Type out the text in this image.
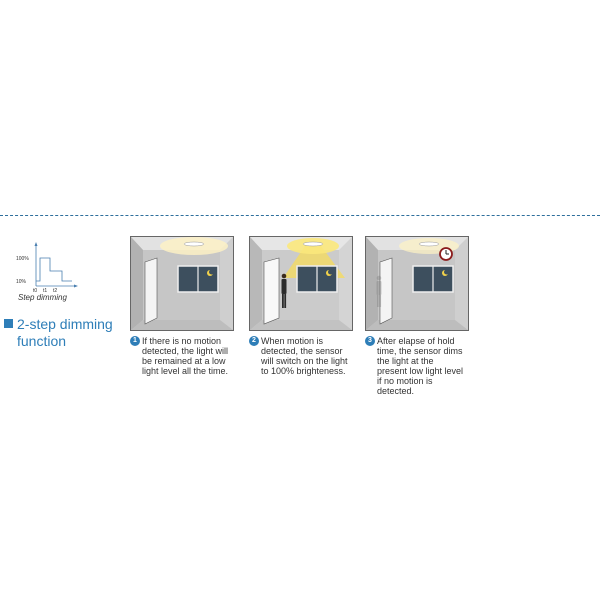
100%
10%
t0 t1 t2
Step dimming
2-step dimming
function	1 If there is no motion detected, the light will be remained at a low light level all the time.
2 When motion is detected, the sensor will switch on the light to 100% brighteness.
3 After elapse of hold time, the sensor dims the light at the present low light level if no motion is detected.
